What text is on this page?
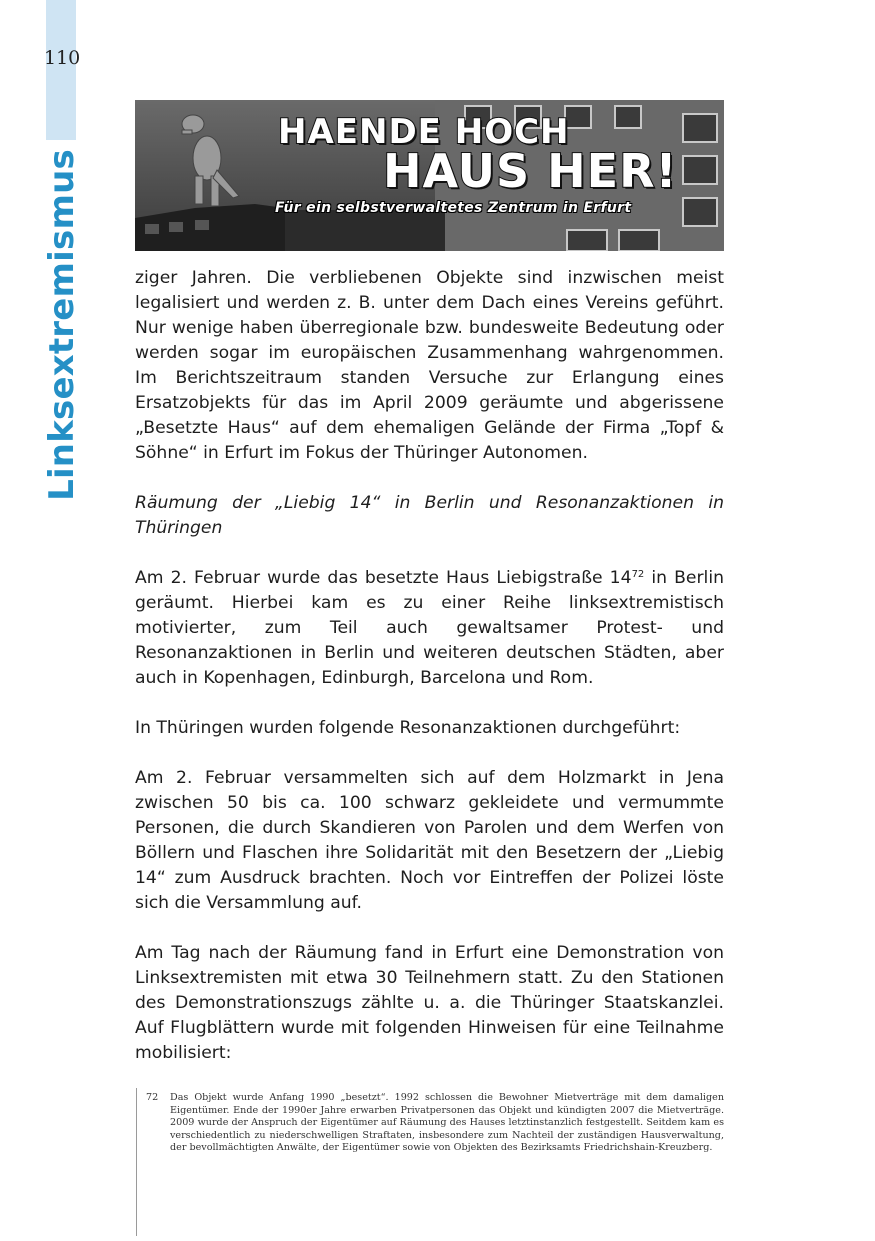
110
Linksextremismus
HAENDE HOCH
HAUS HER!
Für ein selbstverwaltetes Zentrum in Erfurt

ziger Jahren. Die verbliebenen Objekte sind inzwischen meist legalisiert und werden z. B. unter dem Dach eines Vereins geführt. Nur wenige haben überregionale bzw. bundesweite Bedeutung oder werden sogar im europäischen Zusammenhang wahrgenommen. Im Berichtszeitraum standen Versuche zur Erlangung eines Ersatzobjekts für das im April 2009 geräumte und abgerissene „Besetzte Haus“ auf dem ehemaligen Gelände der Firma „Topf & Söhne“ in Erfurt im Fokus der Thüringer Autonomen.

Räumung der „Liebig 14“ in Berlin und Resonanzaktionen in Thüringen

Am 2. Februar wurde das besetzte Haus Liebigstraße $14^{72}$ in Berlin geräumt. Hierbei kam es zu einer Reihe linksextremistisch motivierter, zum Teil auch gewaltsamer Protest- und Resonanzaktionen in Berlin und weiteren deutschen Städten, aber auch in Kopenhagen, Edinburgh, Barcelona und Rom.

In Thüringen wurden folgende Resonanzaktionen durchgeführt:

Am 2. Februar versammelten sich auf dem Holzmarkt in Jena zwischen 50 bis ca. 100 schwarz gekleidete und vermummte Personen, die durch Skandieren von Parolen und dem Werfen von Böllern und Flaschen ihre Solidarität mit den Besetzern der „Liebig 14“ zum Ausdruck brachten. Noch vor Eintreffen der Polizei löste sich die Versammlung auf.

Am Tag nach der Räumung fand in Erfurt eine Demonstration von Linksextremisten mit etwa 30 Teilnehmern statt. Zu den Stationen des Demonstrationszugs zählte u. a. die Thüringer Staatskanzlei. Auf Flugblättern wurde mit folgenden Hinweisen für eine Teilnahme mobilisiert:

72	Das Objekt wurde Anfang 1990 „besetzt“. 1992 schlossen die Bewohner Mietverträge mit dem damaligen Eigentümer. Ende der 1990er Jahre erwarben Privatpersonen das Objekt und kündigten 2007 die Mietverträge. 2009 wurde der Anspruch der Eigentümer auf Räumung des Hauses letztinstanzlich festgestellt. Seitdem kam es verschiedentlich zu niederschwelligen Straftaten, insbesondere zum Nachteil der zuständigen Hausverwaltung, der bevollmächtigten Anwälte, der Eigentümer sowie von Objekten des Bezirksamts Friedrichshain-Kreuzberg.
